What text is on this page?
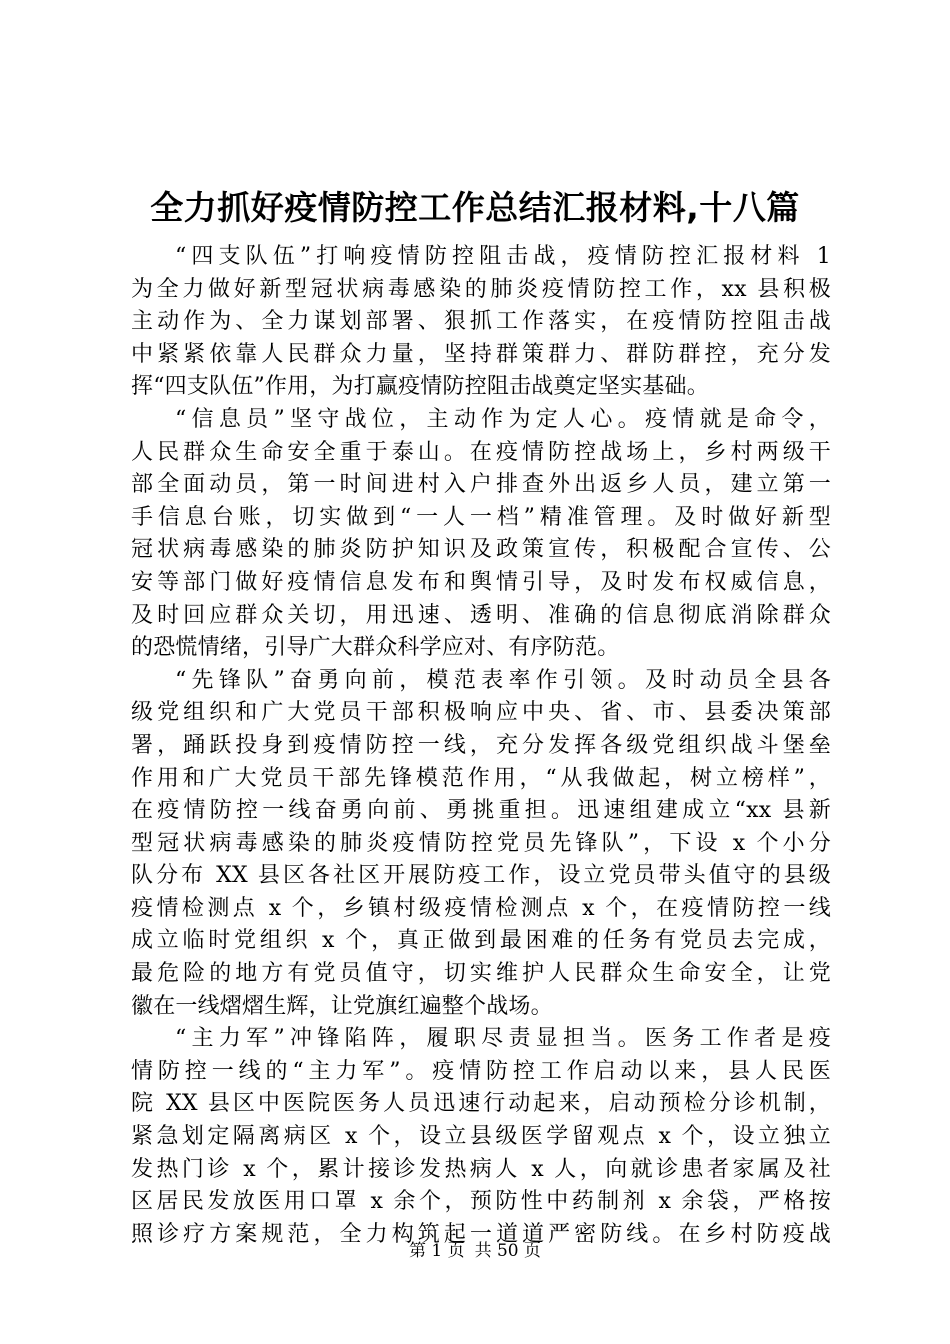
全力抓好疫情防控工作总结汇报材料,十八篇
“四支队伍”打响疫情防控阻击战，疫情防控汇报材料 1
为全力做好新型冠状病毒感染的肺炎疫情防控工作，xx 县积极
主动作为、全力谋划部署、狠抓工作落实，在疫情防控阻击战
中紧紧依靠人民群众力量，坚持群策群力、群防群控，充分发
挥“四支队伍”作用，为打赢疫情防控阻击战奠定坚实基础。
“信息员”坚守战位，主动作为定人心。疫情就是命令，
人民群众生命安全重于泰山。在疫情防控战场上，乡村两级干
部全面动员，第一时间进村入户排查外出返乡人员，建立第一
手信息台账，切实做到“一人一档”精准管理。及时做好新型
冠状病毒感染的肺炎防护知识及政策宣传，积极配合宣传、公
安等部门做好疫情信息发布和舆情引导，及时发布权威信息，
及时回应群众关切，用迅速、透明、准确的信息彻底消除群众
的恐慌情绪，引导广大群众科学应对、有序防范。
“先锋队”奋勇向前，模范表率作引领。及时动员全县各
级党组织和广大党员干部积极响应中央、省、市、县委决策部
署，踊跃投身到疫情防控一线，充分发挥各级党组织战斗堡垒
作用和广大党员干部先锋模范作用，“从我做起，树立榜样”，
在疫情防控一线奋勇向前、勇挑重担。迅速组建成立“xx 县新
型冠状病毒感染的肺炎疫情防控党员先锋队”，下设 x 个小分
队分布 XX 县区各社区开展防疫工作，设立党员带头值守的县级
疫情检测点 x 个，乡镇村级疫情检测点 x 个，在疫情防控一线
成立临时党组织 x 个，真正做到最困难的任务有党员去完成，
最危险的地方有党员值守，切实维护人民群众生命安全，让党
徽在一线熠熠生辉，让党旗红遍整个战场。
“主力军”冲锋陷阵，履职尽责显担当。医务工作者是疫
情防控一线的“主力军”。疫情防控工作启动以来，县人民医
院 XX 县区中医院医务人员迅速行动起来，启动预检分诊机制，
紧急划定隔离病区 x 个，设立县级医学留观点 x 个，设立独立
发热门诊 x 个，累计接诊发热病人 x 人，向就诊患者家属及社
区居民发放医用口罩 x 余个，预防性中药制剂 x 余袋，严格按
照诊疗方案规范，全力构筑起一道道严密防线。在乡村防疫战
第 1 页 共 50 页
